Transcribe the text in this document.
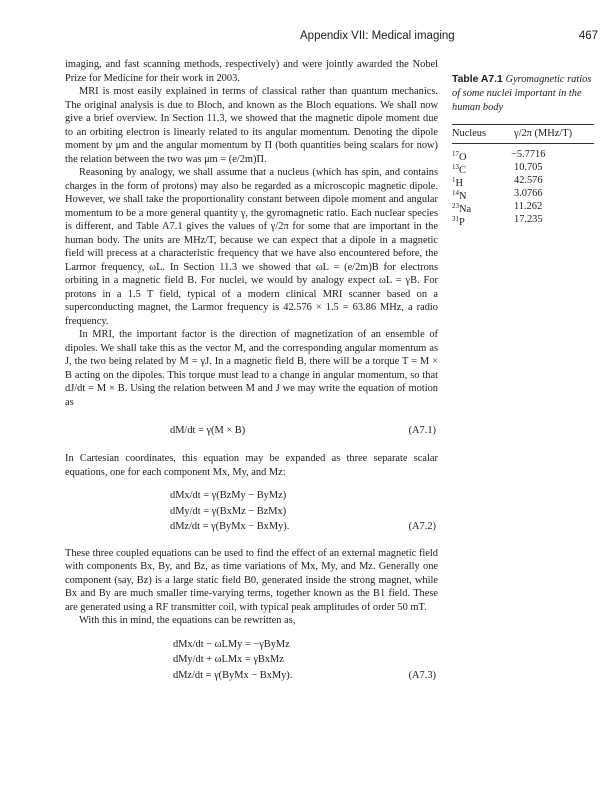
Appendix VII: Medical imaging	467

imaging, and fast scanning methods, respectively) and were jointly awarded the Nobel Prize for Medicine for their work in 2003.

MRI is most easily explained in terms of classical rather than quantum mechanics. The original analysis is due to Bloch, and known as the Bloch equations. We shall now give a brief overview. In Section 11.3, we showed that the magnetic dipole moment due to an orbiting electron is linearly related to its angular momentum. Denoting the dipole moment by μm and the angular momentum by Π (both quantities being scalars for now) the relation between the two was μm = (e/2m)Π.

Reasoning by analogy, we shall assume that a nucleus (which has spin, and contains charges in the form of protons) may also be regarded as a microscopic magnetic dipole. However, we shall take the proportionality constant between dipole moment and angular momentum to be a more general quantity γ, the gyromagnetic ratio. Each nuclear species is different, and Table A7.1 gives the values of γ/2π for some that are important in the human body. The units are MHz/T, because we can expect that a dipole in a magnetic field will precess at a characteristic frequency that we have also encountered before, the Larmor frequency, ωL. In Section 11.3 we showed that ωL = (e/2m)B for electrons orbiting in a magnetic field B. For nuclei, we would by analogy expect ωL = γB. For protons in a 1.5 T field, typical of a modern clinical MRI scanner based on a superconducting magnet, the Larmor frequency is 42.576 × 1.5 = 63.86 MHz, a radio frequency.

In MRI, the important factor is the direction of magnetization of an ensemble of dipoles. We shall take this as the vector M, and the corresponding angular momentum as J, the two being related by M = γJ. In a magnetic field B, there will be a torque T = M × B acting on the dipoles. This torque must lead to a change in angular momentum, so that dJ/dt = M × B. Using the relation between M and J we may write the equation of motion as

dM/dt = γ(M × B)	(A7.1)

In Cartesian coordinates, this equation may be expanded as three separate scalar equations, one for each component Mx, My, and Mz:

dMx/dt = γ(BzMy − ByMz)
dMy/dt = γ(BxMz − BzMx)
dMz/dt = γ(ByMx − BxMy).	(A7.2)

These three coupled equations can be used to find the effect of an external magnetic field with components Bx, By, and Bz, as time variations of Mx, My, and Mz. Generally one component (say, Bz) is a large static field B0, generated inside the strong magnet, while Bx and By are much smaller time-varying terms, together known as the B1 field. These are generated using a RF transmitter coil, with typical peak amplitudes of order 50 mT.

With this in mind, the equations can be rewritten as,

dMx/dt − ωLMy = −γByMz
dMy/dt + ωLMx = γBxMz
dMz/dt = γ(ByMx − BxMy).	(A7.3)

Table A7.1 Gyromagnetic ratios of some nuclei important in the human body

Nucleus	γ/2π (MHz/T)
$^{17}$O	−5.7716
$^{13}$C	10.705
$^1$H	42.576
$^{14}$N	3.0766
$^{23}$Na	11.262
$^{31}$P	17.235
